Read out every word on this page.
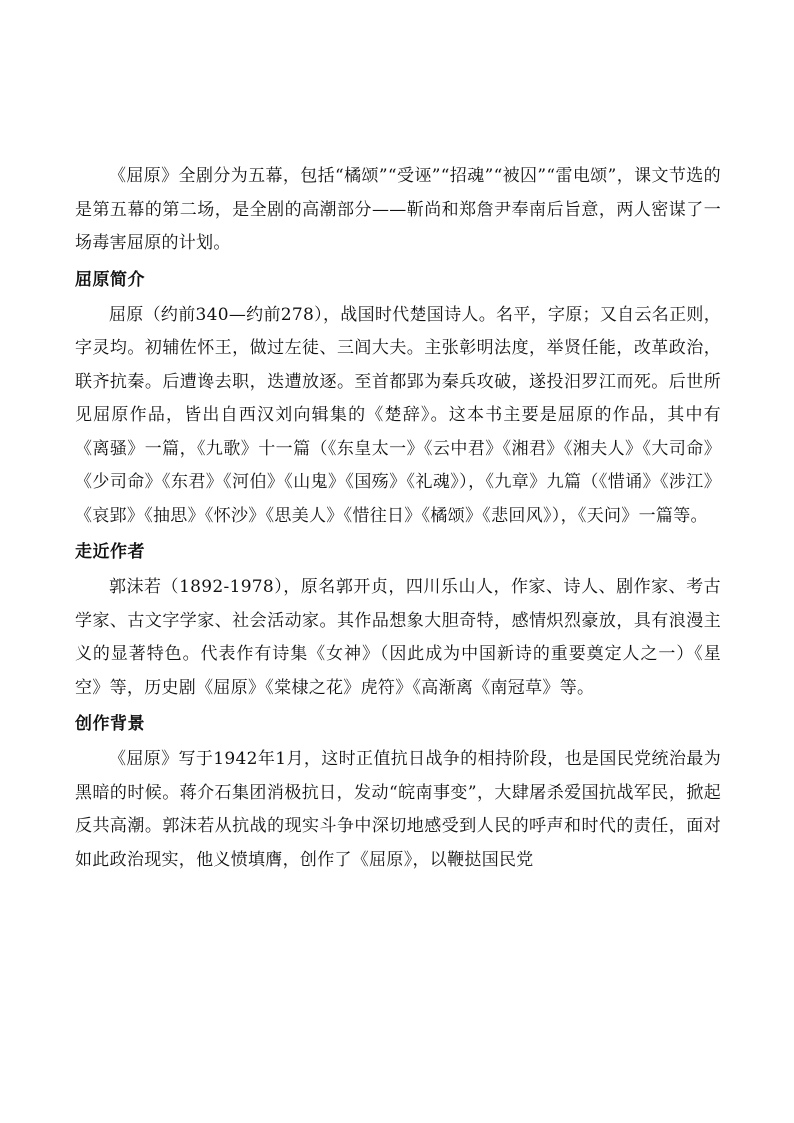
《屈原》全剧分为五幕，包括“橘颂”“受诬”“招魂”“被囚”“雷电颂”，课文节选的是第五幕的第二场，是全剧的高潮部分——靳尚和郑詹尹奉南后旨意，两人密谋了一场毒害屈原的计划。

屈原简介

屈原（约前340—约前278），战国时代楚国诗人。名平，字原；又自云名正则，字灵均。初辅佐怀王，做过左徒、三闾大夫。主张彰明法度，举贤任能，改革政治，联齐抗秦。后遭谗去职，迭遭放逐。至首都郢为秦兵攻破，遂投汨罗江而死。后世所见屈原作品，皆出自西汉刘向辑集的《楚辞》。这本书主要是屈原的作品，其中有《离骚》一篇，《九歌》十一篇（《东皇太一》《云中君》《湘君》《湘夫人》《大司命》《少司命》《东君》《河伯》《山鬼》《国殇》《礼魂》），《九章》九篇（《惜诵》《涉江》《哀郢》《抽思》《怀沙》《思美人》《惜往日》《橘颂》《悲回风》），《天问》一篇等。

走近作者

郭沫若（1892-1978），原名郭开贞，四川乐山人，作家、诗人、剧作家、考古学家、古文字学家、社会活动家。其作品想象大胆奇特，感情炽烈豪放，具有浪漫主义的显著特色。代表作有诗集《女神》（因此成为中国新诗的重要奠定人之一）《星空》等，历史剧《屈原》《棠棣之花》虎符》《高渐离《南冠草》等。

创作背景

《屈原》写于1942年1月，这时正值抗日战争的相持阶段，也是国民党统治最为黑暗的时候。蒋介石集团消极抗日，发动“皖南事变”，大肆屠杀爱国抗战军民，掀起反共高潮。郭沫若从抗战的现实斗争中深切地感受到人民的呼声和时代的责任，面对如此政治现实，他义愤填膺，创作了《屈原》，以鞭挞国民党
